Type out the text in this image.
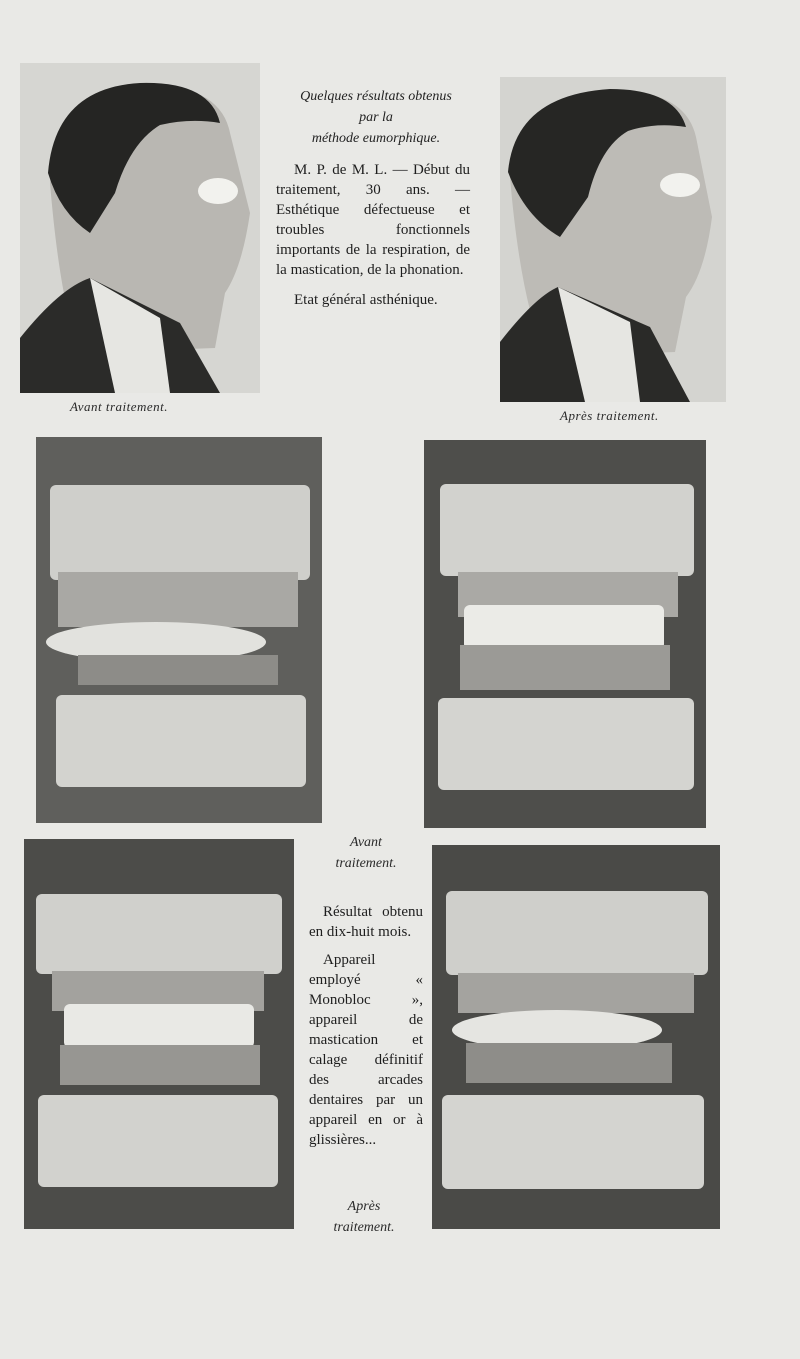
Avant traitement.
Quelques résultats obtenus
par la
méthode eumorphique.

M. P. de M. L. — Début du traitement, 30 ans. — Esthétique défectueuse et troubles fonctionnels importants de la respiration, de la mastication, de la phonation.

Etat général asthénique.

Après traitement.
Avant
traitement.

Résultat obtenu en dix-huit mois.

Appareil employé « Monobloc », appareil de mastication et calage définitif des arcades dentaires par un appareil en or à glissières...

Après
traitement.
